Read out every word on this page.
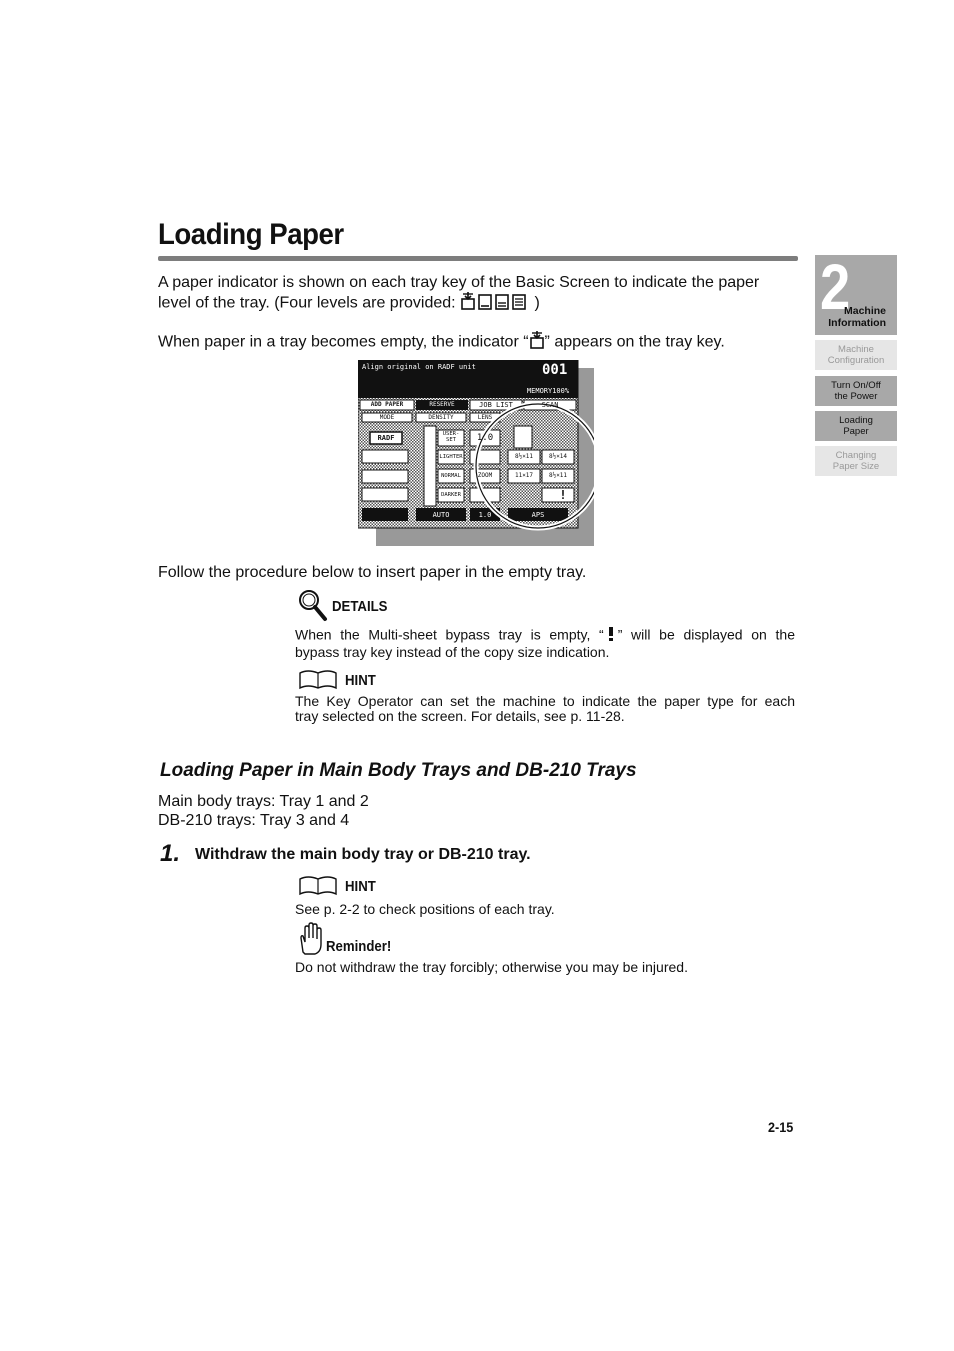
Loading Paper
A paper indicator is shown on each tray key of the Basic Screen to indicate the paper
level of the tray. (Four levels are provided:	)
When paper in a tray becomes empty, the indicator “ ” appears on the tray key.
Align original on RADF unit	001
MEMORY100%
ADD PAPER	RESERVE	JOB LIST	SCAN
MODE	DENSITY	LENS
RADF	USER-SET
LIGHTER
NORMAL
DARKER
1.0
ZOOM
AUTO	1.0	APS
8½×11	8½×14
11×17	8½×11
!
Follow the procedure below to insert paper in the empty tray.
DETAILS
When the Multi-sheet bypass tray is empty, “ ” will be displayed on the
bypass tray key instead of the copy size indication.
HINT
The Key Operator can set the machine to indicate the paper type for each
tray selected on the screen. For details, see p. 11-28.
Loading Paper in Main Body Trays and DB-210 Trays
Main body trays: Tray 1 and 2
DB-210 trays: Tray 3 and 4
1. Withdraw the main body tray or DB-210 tray.
HINT
See p. 2-2 to check positions of each tray.
Reminder!
Do not withdraw the tray forcibly; otherwise you may be injured.
2-15
2
Machine
Information
Machine
Configuration
Turn On/Off
the Power
Loading
Paper
Changing
Paper Size
